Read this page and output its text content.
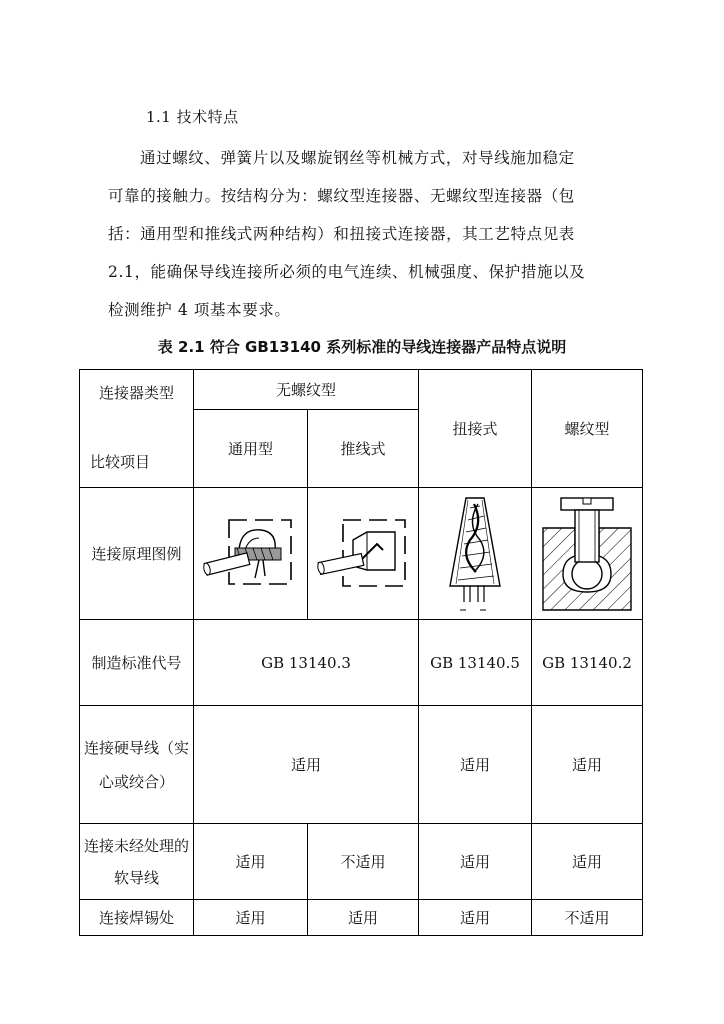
1.1 技术特点
通过螺纹、弹簧片以及螺旋钢丝等机械方式，对导线施加稳定
可靠的接触力。按结构分为：螺纹型连接器、无螺纹型连接器（包
括：通用型和推线式两种结构）和扭接式连接器，其工艺特点见表
2.1，能确保导线连接所必须的电气连续、机械强度、保护措施以及
检测维护 4 项基本要求。
表 2.1 符合 GB13140 系列标准的导线连接器产品特点说明
连接器类型
比较项目	无螺纹型		扭接式	螺纹型
	通用型	推线式		
连接原理图例	

制造标准代号	GB 13140.3		GB 13140.5	GB 13140.2
连接硬导线（实心或绞合）	适用		适用	适用
连接未经处理的软导线	适用	不适用	适用	适用
连接焊锡处	适用	适用	适用	不适用
